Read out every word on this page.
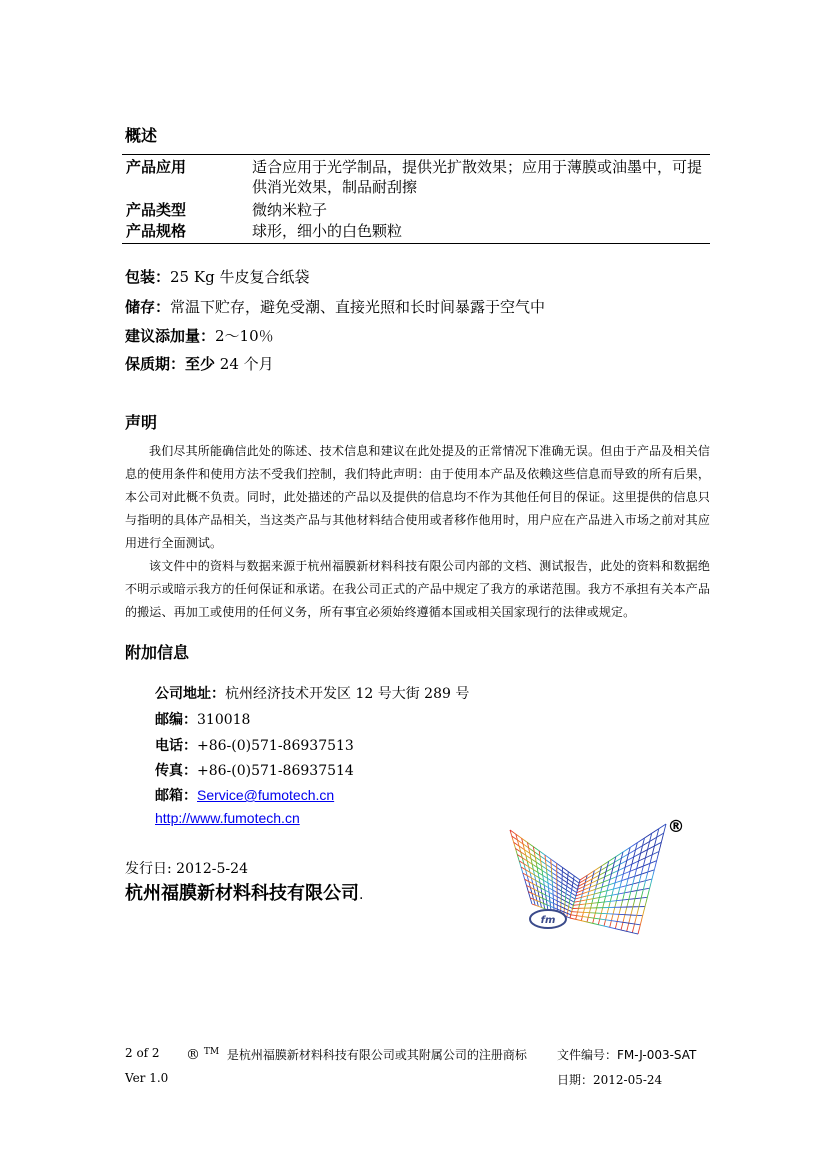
概述
产品应用	适合应用于光学制品，提供光扩散效果；应用于薄膜或油墨中，可提供消光效果，制品耐刮擦
产品类型	微纳米粒子
产品规格	球形，细小的白色颗粒
包装：25 Kg 牛皮复合纸袋
储存：常温下贮存，避免受潮、直接光照和长时间暴露于空气中
建议添加量：2～10％
保质期：至少 24 个月
声明
我们尽其所能确信此处的陈述、技术信息和建议在此处提及的正常情况下准确无误。但由于产品及相关信息的使用条件和使用方法不受我们控制，我们特此声明：由于使用本产品及依赖这些信息而导致的所有后果，本公司对此概不负责。同时，此处描述的产品以及提供的信息均不作为其他任何目的保证。这里提供的信息只与指明的具体产品相关，当这类产品与其他材料结合使用或者移作他用时，用户应在产品进入市场之前对其应用进行全面测试。
该文件中的资料与数据来源于杭州福膜新材料科技有限公司内部的文档、测试报告，此处的资料和数据绝不明示或暗示我方的任何保证和承诺。在我公司正式的产品中规定了我方的承诺范围。我方不承担有关本产品的搬运、再加工或使用的任何义务，所有事宜必须始终遵循本国或相关国家现行的法律或规定。
附加信息
公司地址：杭州经济技术开发区 12 号大街 289 号
邮编：310018
电话：+86-(0)571-86937513
传真：+86-(0)571-86937514
邮箱：Service@fumotech.cn
http://www.fumotech.cn
发行日: 2012-5-24
杭州福膜新材料科技有限公司.
fm
®
2 of 2 ® ™ 是杭州福膜新材料科技有限公司或其附属公司的注册商标	文件编号：FM-J-003-SAT
Ver 1.0	日期：2012-05-24
